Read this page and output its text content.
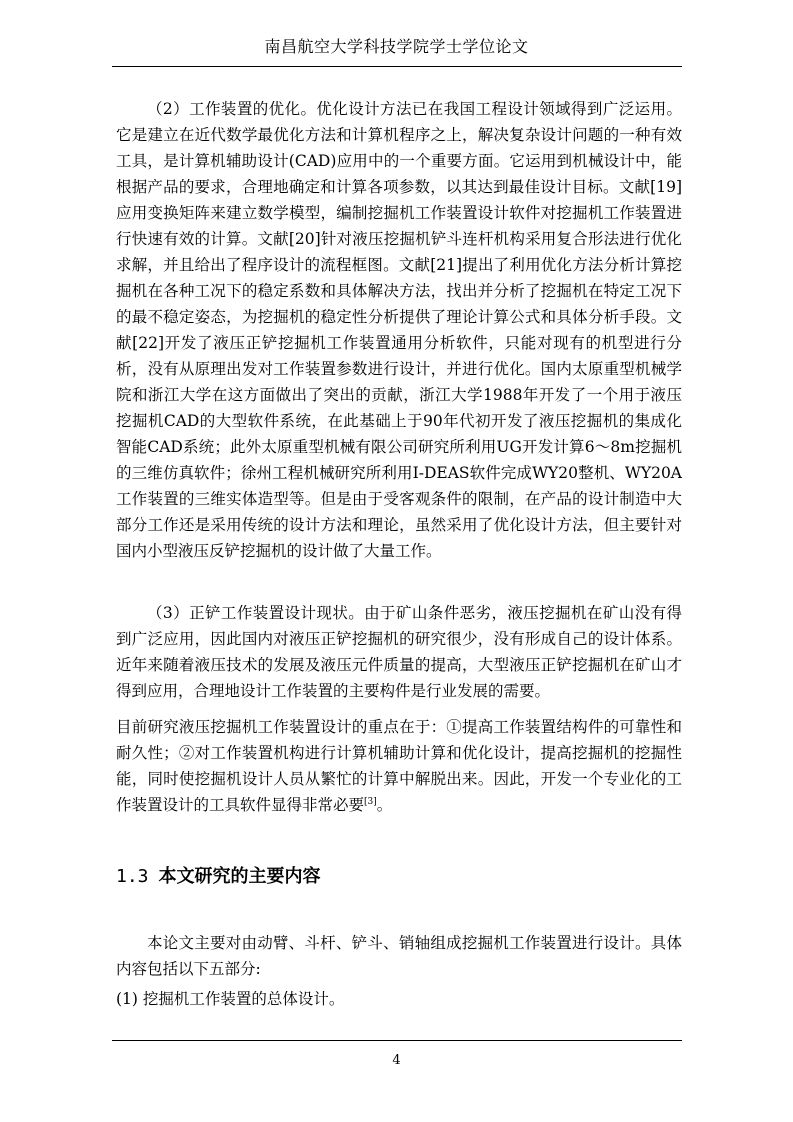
南昌航空大学科技学院学士学位论文

（2）工作装置的优化。优化设计方法已在我国工程设计领域得到广泛运用。它是建立在近代数学最优化方法和计算机程序之上，解决复杂设计问题的一种有效工具，是计算机辅助设计(CAD)应用中的一个重要方面。它运用到机械设计中，能根据产品的要求，合理地确定和计算各项参数，以其达到最佳设计目标。文献[19]应用变换矩阵来建立数学模型，编制挖掘机工作装置设计软件对挖掘机工作装置进行快速有效的计算。文献[20]针对液压挖掘机铲斗连杆机构采用复合形法进行优化求解，并且给出了程序设计的流程框图。文献[21]提出了利用优化方法分析计算挖掘机在各种工况下的稳定系数和具体解决方法，找出并分析了挖掘机在特定工况下的最不稳定姿态，为挖掘机的稳定性分析提供了理论计算公式和具体分析手段。文献[22]开发了液压正铲挖掘机工作装置通用分析软件，只能对现有的机型进行分析，没有从原理出发对工作装置参数进行设计，并进行优化。国内太原重型机械学院和浙江大学在这方面做出了突出的贡献，浙江大学1988年开发了一个用于液压挖掘机CAD的大型软件系统，在此基础上于90年代初开发了液压挖掘机的集成化智能CAD系统；此外太原重型机械有限公司研究所利用UG开发计算6～8m挖掘机的三维仿真软件；徐州工程机械研究所利用I-DEAS软件完成WY20整机、WY20A工作装置的三维实体造型等。但是由于受客观条件的限制，在产品的设计制造中大部分工作还是采用传统的设计方法和理论，虽然采用了优化设计方法，但主要针对国内小型液压反铲挖掘机的设计做了大量工作。

（3）正铲工作装置设计现状。由于矿山条件恶劣，液压挖掘机在矿山没有得到广泛应用，因此国内对液压正铲挖掘机的研究很少，没有形成自己的设计体系。近年来随着液压技术的发展及液压元件质量的提高，大型液压正铲挖掘机在矿山才得到应用，合理地设计工作装置的主要构件是行业发展的需要。

目前研究液压挖掘机工作装置设计的重点在于：①提高工作装置结构件的可靠性和耐久性；②对工作装置机构进行计算机辅助计算和优化设计，提高挖掘机的挖掘性能，同时使挖掘机设计人员从繁忙的计算中解脱出来。因此，开发一个专业化的工作装置设计的工具软件显得非常必要[3]。

1.3 本文研究的主要内容

本论文主要对由动臂、斗杆、铲斗、销轴组成挖掘机工作装置进行设计。具体内容包括以下五部分:

(1) 挖掘机工作装置的总体设计。

4
